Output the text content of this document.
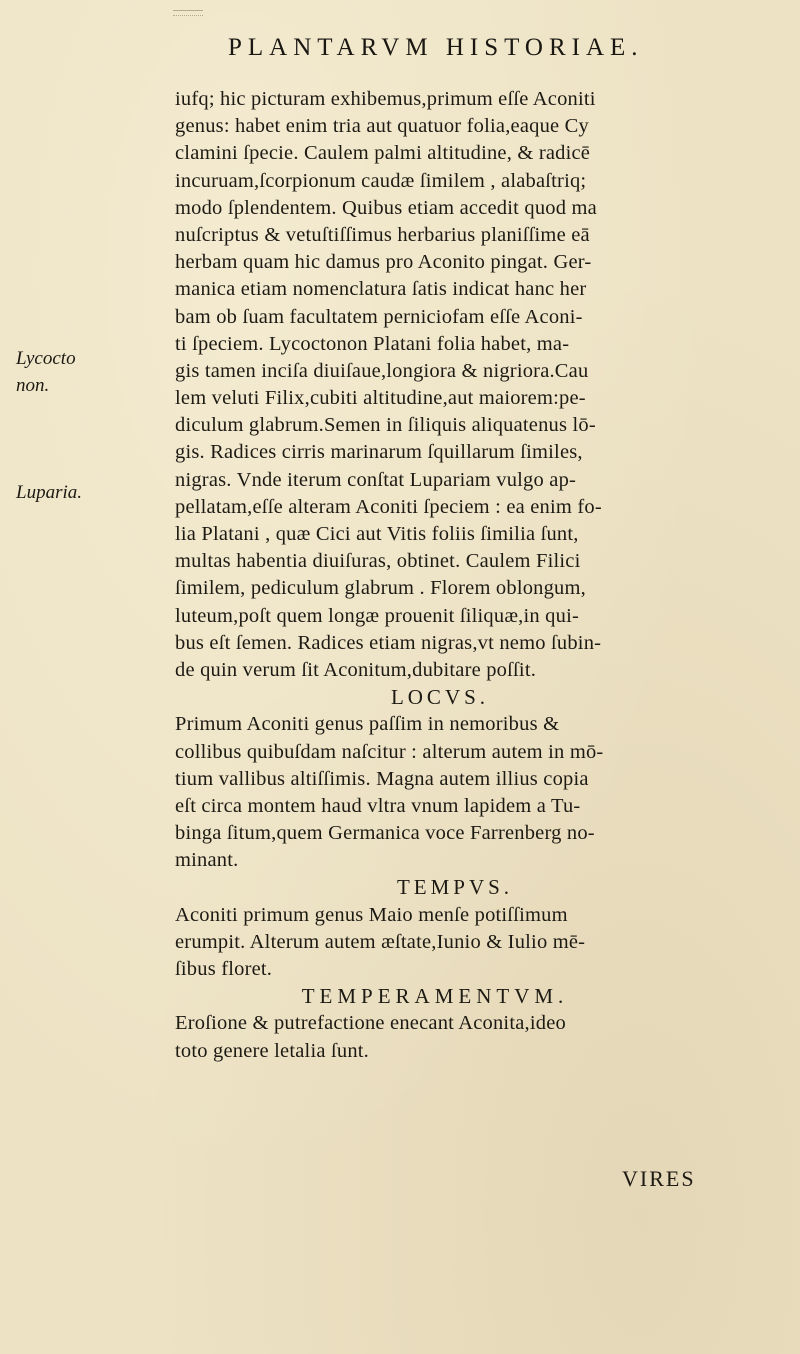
PLANTARVM HISTORIAE.
Lycocto
non.
Luparia.
iufq; hic picturam exhibemus,primum eſſe Aconiti
genus: habet enim tria aut quatuor folia,eaque Cy
clamini ſpecie. Caulem palmi altitudine, & radicē
incuruam,ſcorpionum caudæ ſimilem , alabaſtriq;
modo ſplendentem. Quibus etiam accedit quod ma
nuſcriptus & vetuſtiſſimus herbarius planiſſime eā
herbam quam hic damus pro Aconito pingat. Ger-
manica etiam nomenclatura ſatis indicat hanc her
bam ob ſuam facultatem perniciofam eſſe Aconi-
ti ſpeciem. Lycoctonon Platani folia habet, ma-
gis tamen inciſa diuiſaue,longiora & nigriora.Cau
lem veluti Filix,cubiti altitudine,aut maiorem:pe-
diculum glabrum.Semen in ſiliquis aliquatenus lō-
gis. Radices cirris marinarum ſquillarum ſimiles,
nigras. Vnde iterum conſtat Lupariam vulgo ap-
pellatam,eſſe alteram Aconiti ſpeciem : ea enim fo-
lia Platani , quæ Cici aut Vitis foliis ſimilia ſunt,
multas habentia diuiſuras, obtinet. Caulem Filici
ſimilem, pediculum glabrum . Florem oblongum,
luteum,poſt quem longæ prouenit ſiliquæ,in qui-
bus eſt ſemen. Radices etiam nigras,vt nemo ſubin-
de quin verum ſit Aconitum,dubitare poſſit.
LOCVS.
Primum Aconiti genus paſſim in nemoribus &
collibus quibuſdam naſcitur : alterum autem in mō-
tium vallibus altiſſimis. Magna autem illius copia
eſt circa montem haud vltra vnum lapidem a Tu-
binga ſitum,quem Germanica voce Farrenberg no-
minant.
TEMPVS.
Aconiti primum genus Maio menſe potiſſimum
erumpit. Alterum autem æſtate,Iunio & Iulio mē-
ſibus floret.
TEMPERAMENTVM.
Eroſione & putrefactione enecant Aconita,ideo
toto genere letalia ſunt.
VIRES
